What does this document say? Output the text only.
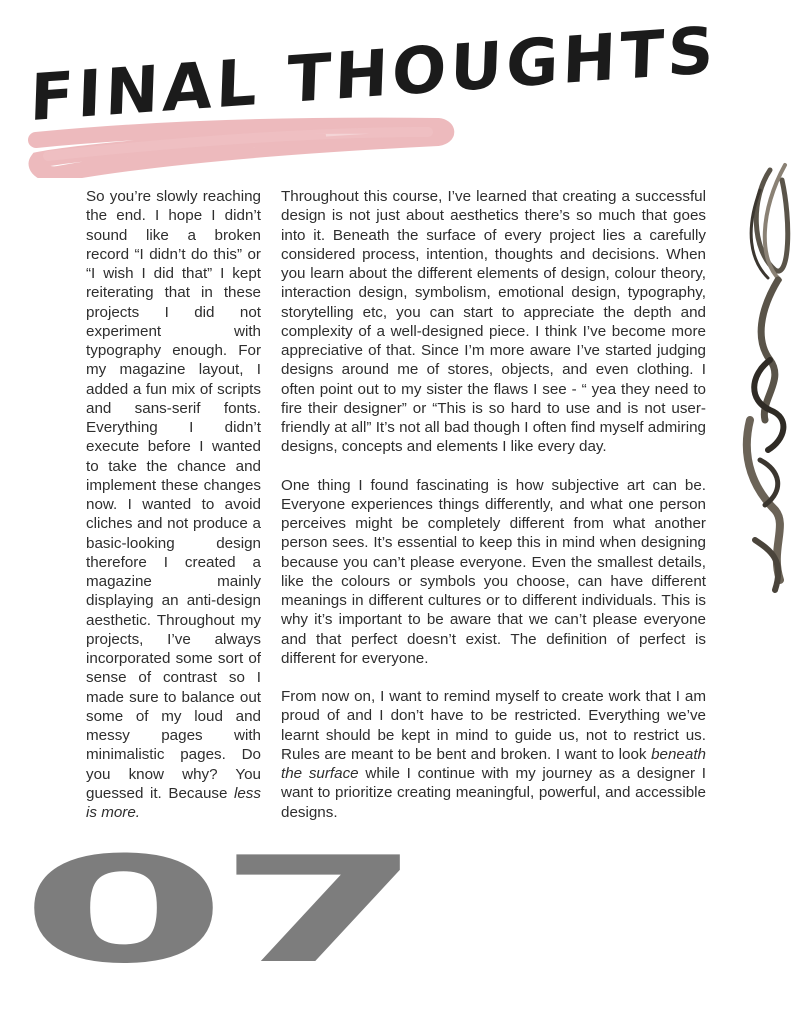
FINAL THOUGHTS

So you’re slowly reaching the end. I hope I didn’t sound like a broken record “I didn’t do this” or “I wish I did that” I kept reiterating that in these projects I did not experiment with typography enough. For my magazine layout, I added a fun mix of scripts and sans-serif fonts. Everything I didn’t execute before I wanted to take the chance and implement these changes now. I wanted to avoid cliches and not produce a basic-looking design therefore I created a magazine mainly displaying an anti-design aesthetic. Throughout my projects, I’ve always incorporated some sort of sense of contrast so I made sure to balance out some of my loud and messy pages with minimalistic pages. Do you know why? You guessed it. Because less is more.

Throughout this course, I’ve learned that creating a successful design is not just about aesthetics there’s so much that goes into it. Beneath the surface of every project lies a carefully considered process, intention, thoughts and decisions. When you learn about the different elements of design, colour theory, interaction design, symbolism, emotional design, typography, storytelling etc, you can start to appreciate the depth and complexity of a well-designed piece. I think I’ve become more appreciative of that. Since I’m more aware I’ve started judging designs around me of stores, objects, and even clothing. I often point out to my sister the flaws I see - “ yea they need to fire their designer” or “This is so hard to use and is not user-friendly at all” It’s not all bad though I often find myself admiring designs, concepts and elements I like every day.

One thing I found fascinating is how subjective art can be. Everyone experiences things differently, and what one person perceives might be completely different from what another person sees. It’s essential to keep this in mind when designing because you can’t please everyone. Even the smallest details, like the colours or symbols you choose, can have different meanings in different cultures or to different individuals. This is why it’s important to be aware that we can’t please everyone and that perfect doesn’t exist. The definition of perfect is different for everyone.

From now on, I want to remind myself to create work that I am proud of and I don’t have to be restricted. Everything we’ve learnt should be kept in mind to guide us, not to restrict us. Rules are meant to be bent and broken. I want to look beneath the surface while I continue with my journey as a designer I want to prioritize creating meaningful, powerful, and accessible designs.

07
